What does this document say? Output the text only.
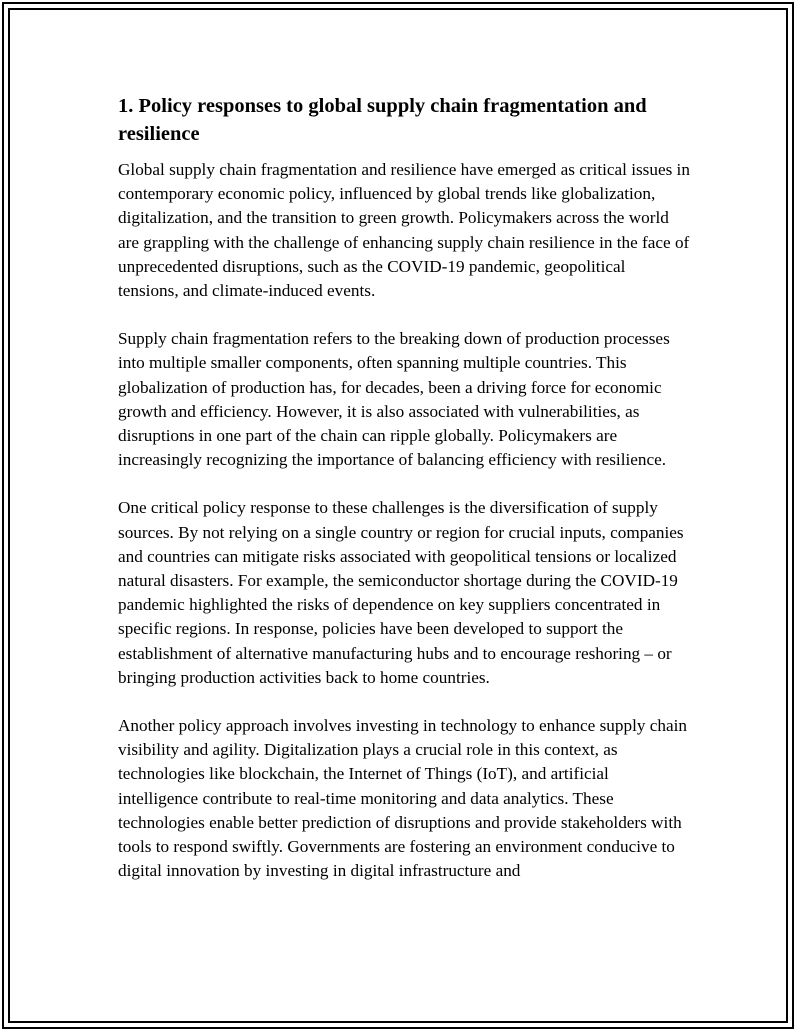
1. Policy responses to global supply chain fragmentation and resilience

Global supply chain fragmentation and resilience have emerged as critical issues in contemporary economic policy, influenced by global trends like globalization, digitalization, and the transition to green growth. Policymakers across the world are grappling with the challenge of enhancing supply chain resilience in the face of unprecedented disruptions, such as the COVID-19 pandemic, geopolitical tensions, and climate-induced events.

Supply chain fragmentation refers to the breaking down of production processes into multiple smaller components, often spanning multiple countries. This globalization of production has, for decades, been a driving force for economic growth and efficiency. However, it is also associated with vulnerabilities, as disruptions in one part of the chain can ripple globally. Policymakers are increasingly recognizing the importance of balancing efficiency with resilience.

One critical policy response to these challenges is the diversification of supply sources. By not relying on a single country or region for crucial inputs, companies and countries can mitigate risks associated with geopolitical tensions or localized natural disasters. For example, the semiconductor shortage during the COVID-19 pandemic highlighted the risks of dependence on key suppliers concentrated in specific regions. In response, policies have been developed to support the establishment of alternative manufacturing hubs and to encourage reshoring – or bringing production activities back to home countries.

Another policy approach involves investing in technology to enhance supply chain visibility and agility. Digitalization plays a crucial role in this context, as technologies like blockchain, the Internet of Things (IoT), and artificial intelligence contribute to real-time monitoring and data analytics. These technologies enable better prediction of disruptions and provide stakeholders with tools to respond swiftly. Governments are fostering an environment conducive to digital innovation by investing in digital infrastructure and
